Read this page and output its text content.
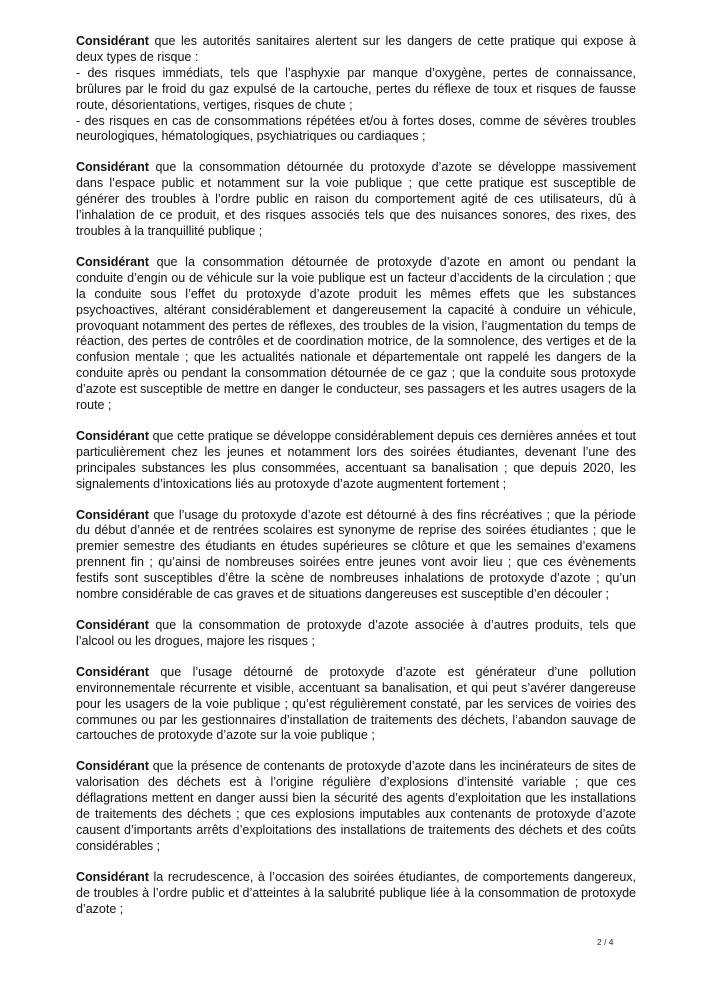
Considérant que les autorités sanitaires alertent sur les dangers de cette pratique qui expose à deux types de risque :
- des risques immédiats, tels que l’asphyxie par manque d’oxygène, pertes de connaissance, brûlures par le froid du gaz expulsé de la cartouche, pertes du réflexe de toux et risques de fausse route, désorientations, vertiges, risques de chute ;
- des risques en cas de consommations répétées et/ou à fortes doses, comme de sévères troubles neurologiques, hématologiques, psychiatriques ou cardiaques ;

Considérant que la consommation détournée du protoxyde d’azote se développe massivement dans l’espace public et notamment sur la voie publique ; que cette pratique est susceptible de générer des troubles à l’ordre public en raison du comportement agité de ces utilisateurs, dû à l’inhalation de ce produit, et des risques associés tels que des nuisances sonores, des rixes, des troubles à la tranquillité publique ;

Considérant que la consommation détournée de protoxyde d’azote en amont ou pendant la conduite d’engin ou de véhicule sur la voie publique est un facteur d’accidents de la circulation ; que la conduite sous l’effet du protoxyde d’azote produit les mêmes effets que les substances psychoactives, altérant considérablement et dangereusement la capacité à conduire un véhicule, provoquant notamment des pertes de réflexes, des troubles de la vision, l’augmentation du temps de réaction, des pertes de contrôles et de coordination motrice, de la somnolence, des vertiges et de la confusion mentale ; que les actualités nationale et départementale ont rappelé les dangers de la conduite après ou pendant la consommation détournée de ce gaz ; que la conduite sous protoxyde d’azote est susceptible de mettre en danger le conducteur, ses passagers et les autres usagers de la route ;

Considérant que cette pratique se développe considérablement depuis ces dernières années et tout particulièrement chez les jeunes et notamment lors des soirées étudiantes, devenant l’une des principales substances les plus consommées, accentuant sa banalisation ; que depuis 2020, les signalements d’intoxications liés au protoxyde d’azote augmentent fortement ;

Considérant que l’usage du protoxyde d’azote est détourné à des fins récréatives ; que la période du début d’année et de rentrées scolaires est synonyme de reprise des soirées étudiantes ; que le premier semestre des étudiants en études supérieures se clôture et que les semaines d’examens prennent fin ; qu’ainsi de nombreuses soirées entre jeunes vont avoir lieu ; que ces évènements festifs sont susceptibles d’être la scène de nombreuses inhalations de protoxyde d’azote ; qu’un nombre considérable de cas graves et de situations dangereuses est susceptible d’en découler ;

Considérant que la consommation de protoxyde d’azote associée à d’autres produits, tels que l’alcool ou les drogues, majore les risques ;

Considérant que l’usage détourné de protoxyde d’azote est générateur d’une pollution environnementale récurrente et visible, accentuant sa banalisation, et qui peut s’avérer dangereuse pour les usagers de la voie publique ; qu’est régulièrement constaté, par les services de voiries des communes ou par les gestionnaires d’installation de traitements des déchets, l’abandon sauvage de cartouches de protoxyde d’azote sur la voie publique ;

Considérant que la présence de contenants de protoxyde d’azote dans les incinérateurs de sites de valorisation des déchets est à l’origine régulière d’explosions d’intensité variable ; que ces déflagrations mettent en danger aussi bien la sécurité des agents d’exploitation que les installations de traitements des déchets ; que ces explosions imputables aux contenants de protoxyde d’azote causent d’importants arrêts d’exploitations des installations de traitements des déchets et des coûts considérables ;

Considérant la recrudescence, à l’occasion des soirées étudiantes, de comportements dangereux, de troubles à l’ordre public et d’atteintes à la salubrité publique liée à la consommation de protoxyde d’azote ;

2 / 4
